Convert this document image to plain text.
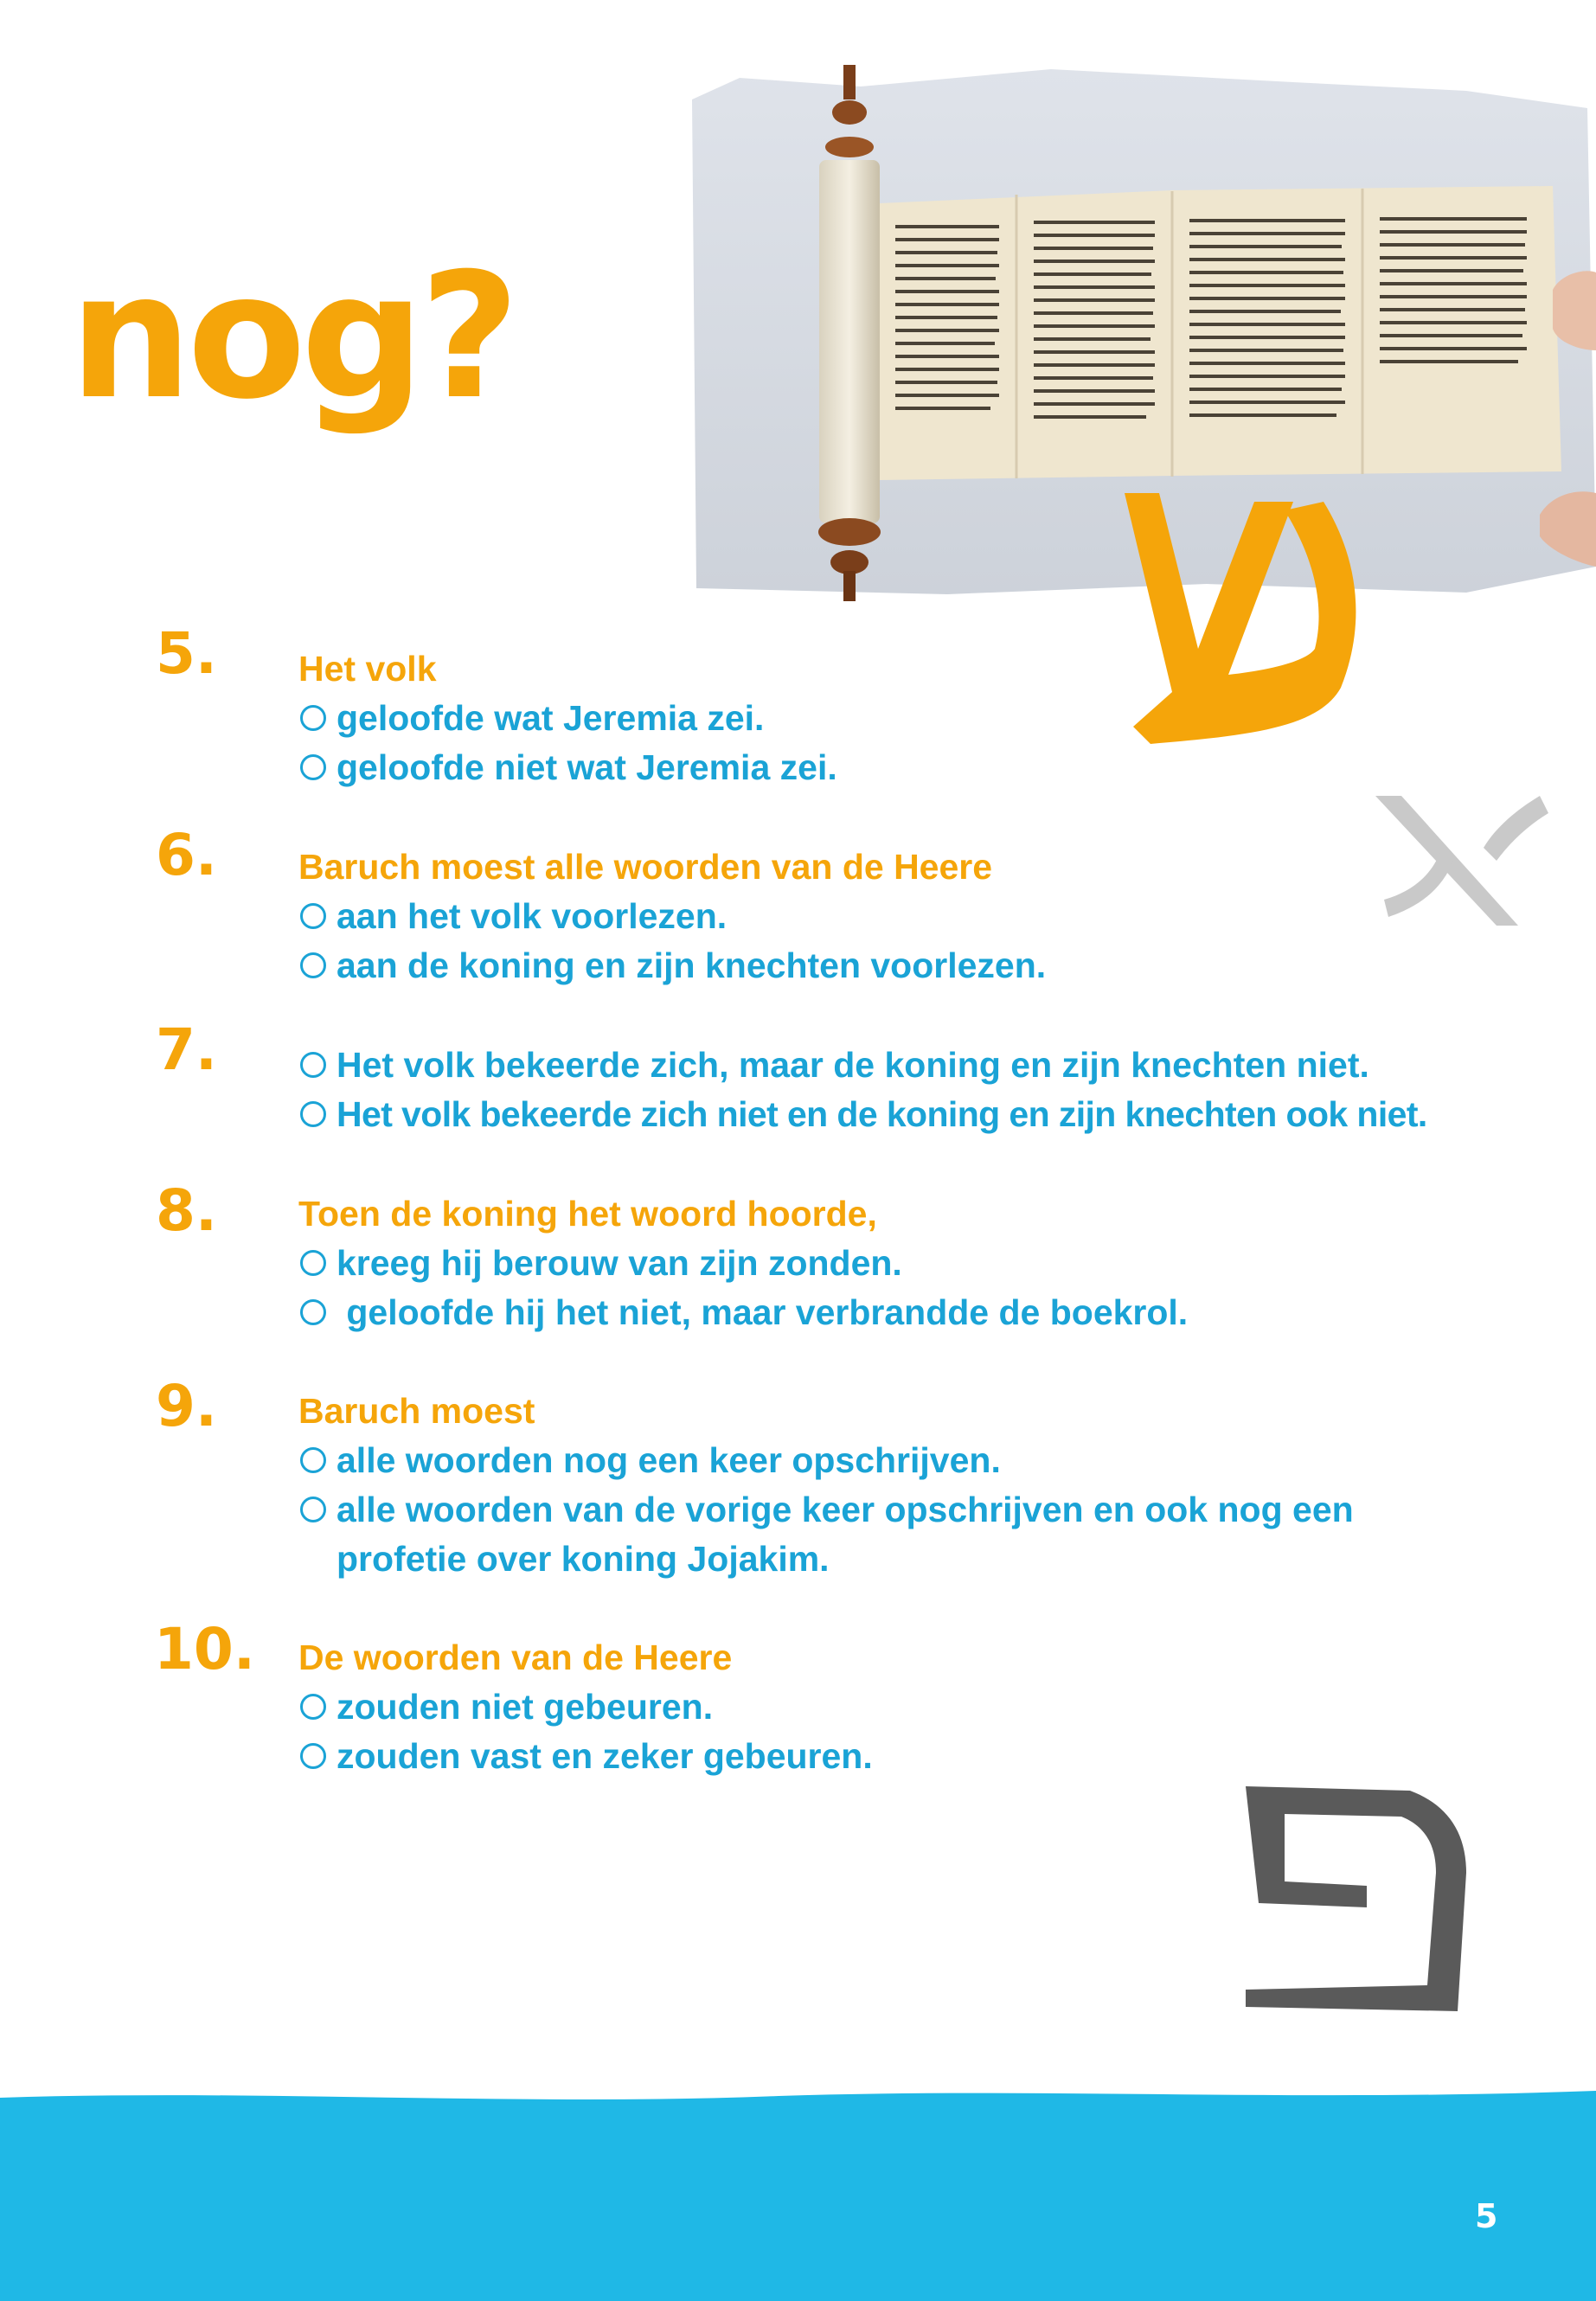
nog?
5. Het volk
geloofde wat Jeremia zei.
geloofde niet wat Jeremia zei.
6. Baruch moest alle woorden van de Heere
aan het volk voorlezen.
aan de koning en zijn knechten voorlezen.
7.	Het volk bekeerde zich, maar de koning en zijn knechten niet.
Het volk bekeerde zich niet en de koning en zijn knechten ook niet.
8. Toen de koning het woord hoorde,
kreeg hij berouw van zijn zonden.
geloofde hij het niet, maar verbrandde de boekrol.
9. Baruch moest
alle woorden nog een keer opschrijven.
alle woorden van de vorige keer opschrijven en ook nog een profetie over koning Jojakim.
10. De woorden van de Heere
zouden niet gebeuren.
zouden vast en zeker gebeuren.
5
